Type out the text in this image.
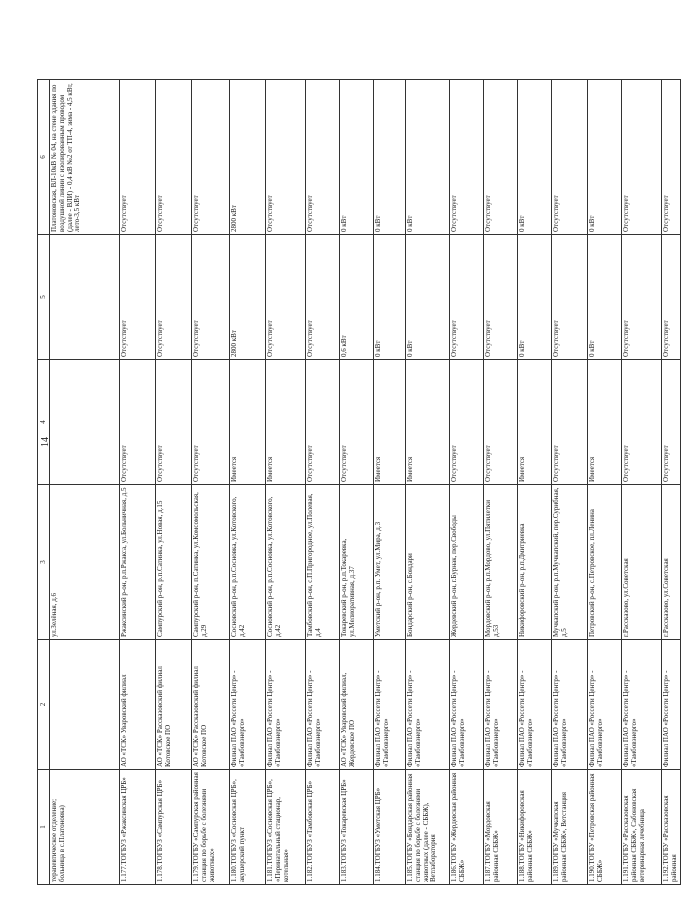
14
1	2	3	4	5	6
терапевтическое отделение; больница в с.Платоновка)		ул.Зелёная, д.6			Платоновская, ВЛ-10кВ № 04, на стене здания по воздушной линии с изолированным проводом (далее - ВЛИ) - 0,4 кВ №2 от ТП-4, зима - 4,5 кВт, лето-3,5 кВт
1.177.ТОГБУЗ «Ржаксинская ЦРБ»	АО «ТСК» Уваровский филиал	Ржаксинский р-он, р.п.Ржакса, ул.Больничная, д.5	Отсутствует	Отсутствует	Отсутствует
1.178.ТОГБУЗ «Сампурская ЦРБ»	АО «ТСК» Рассказовский филиал Котовское ПО	Сампурский р-он, р.п.Сатинка, ул.Новая, д.15	Отсутствует	Отсутствует	Отсутствует
1.179.ТОГБУ «Сампурская районная станция по борьбе с болезнями животных»	АО «ТСК» Рассказовский филиал Котовское ПО	Сампурский р-он, п.Сатинка, ул.Комсомольская, д.29	Отсутствует	Отсутствует	Отсутствует
1.180.ТОГБУЗ «Сосновская ЦРБ», акушерский пункт	Филиал ПАО «Россети Центр» - «Тамбовэнерго»	Сосновский р-он, р.п.Сосновка, ул.Котовского, д.42	Имеется	2800 кВт	2800 кВт
1.181.ТОГБУЗ «Сосновская ЦРБ», «Перинатальный стационар, котельная»	Филиал ПАО «Россети Центр» - «Тамбовэнерго»	Сосновский р-он, р.п.Сосновка, ул.Котовского, д.42	Имеется	Отсутствует	Отсутствует
1.182.ТОГБУЗ «Тамбовская ЦРБ»	Филиал ПАО «Россети Центр» - «Тамбовэнерго»	Тамбовский р-он, с.П.Пригородное, ул.Полевая, д.4	Отсутствует	Отсутствует	Отсутствует
1.183.ТОГБУЗ «Токаревская ЦРБ»	АО «ТСК» Уваровский филиал, Жердевское ПО	Токаревский р-он, р.п.Токаревка, ул.Мелиоративная, д.37	Отсутствует	0,6 кВт	0 кВт
1.184.ТОГБУЗ «Уметская ЦРБ»	Филиал ПАО «Россети Центр» - «Тамбовэнерго»	Уметский р-он, р.п. Умет, ул.Мира, д.3	Имеется	0 кВт	0 кВт
1.185.ТОГБУ «Бондарская районная станция по борьбе с болезнями животных (далее - СББЖ), Ветлаборатория	Филиал ПАО «Россети Центр» - «Тамбовэнерго»	Бондарский р-он, с.Бондари	Имеется	0 кВт	0 кВт
1.186.ТОГБУ «Жердевская районная СББЖ»	Филиал ПАО «Россети Центр» - «Тамбовэнерго»	Жердевский р-он, г.Бурнак, пер.Свободы	Отсутствует	Отсутствует	Отсутствует
1.187.ТОГБУ «Мордовская районная СББЖ»	Филиал ПАО «Россети Центр» - «Тамбовэнерго»	Мордовский р-он, р.п.Мордово, ул.Пятилетки д.53	Отсутствует	Отсутствует	Отсутствует
1.188.ТОГБУ «Никифоровская районная СББЖ»	Филиал ПАО «Россети Центр» - «Тамбовэнерго»	Никифоровский р-он, р.п.Дмитриевка	Имеется	0 кВт	0 кВт
1.189.ТОГБУ «Мучкапская районная СББЖ», Ветстанция	Филиал ПАО «Россети Центр» - «Тамбовэнерго»	Мучкапский р-он, р.п.Мучкапский, пер.Сурибная, д.5	Отсутствует	Отсутствует	Отсутствует
1.190.ТОГБУ «Петровская районная СББЖ»	Филиал ПАО «Россети Центр» - «Тамбовэнерго»	Петровский р-он, с.Петровское, пл.Ленина	Имеется	0 кВт	0 кВт
1.191.ТОГБУ «Рассказовская районная СББЖ», Сабоновская ветеринарная лечебница	Филиал ПАО «Россети Центр» - «Тамбовэнерго»	г.Рассказово, ул.Советская	Отсутствует	Отсутствует	Отсутствует
1.192.ТОГБУ «Рассказовская районная	Филиал ПАО «Россети Центр» -	г.Рассказово, ул.Советская	Отсутствует	Отсутствует	Отсутствует
